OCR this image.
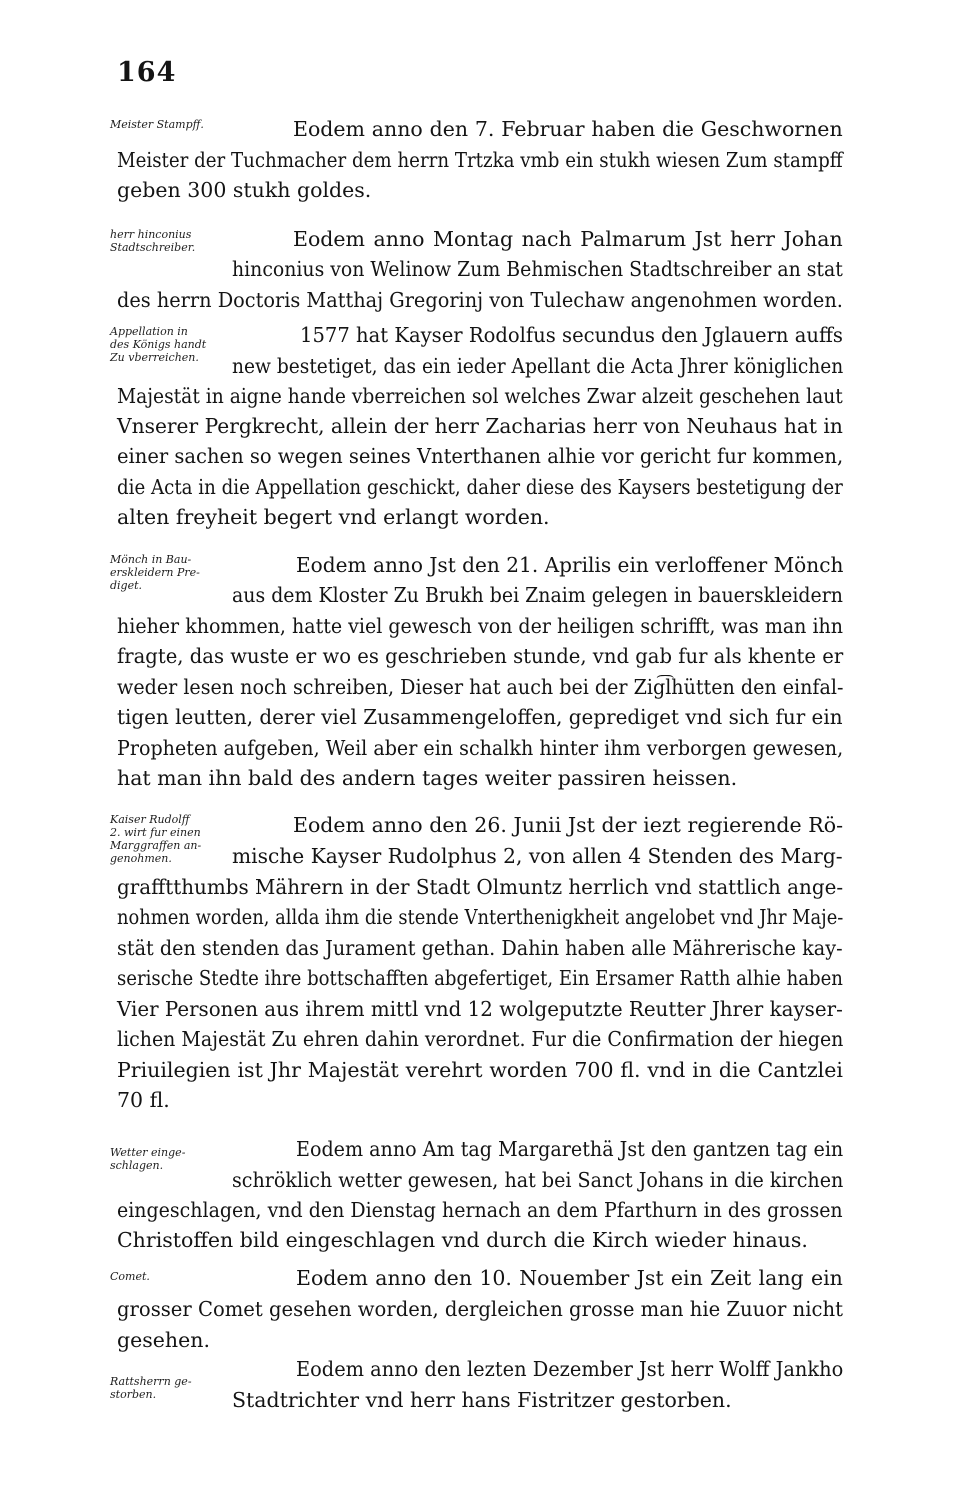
164
Meister Stampff.	Eodem anno den 7. Februar haben die Geschwornen
Meister der Tuchmacher dem herrn Trtzka vmb ein stukh wiesen Zum stampff
geben 300 stukh goldes.
herr hinconius
Stadtschreiber.	Eodem anno Montag nach Palmarum Jst herr Johan
hinconius von Welinow Zum Behmischen Stadtschreiber an stat
des herrn Doctoris Matthaj Gregorinj von Tulechaw angenohmen worden.
Appellation in
des Königs handt
Zu vberreichen.
1577 hat Kayser Rodolfus secundus den Jglauern auffs
new bestetiget, das ein ieder Apellant die Acta Jhrer königlichen
Majestät in aigne hande vberreichen sol welches Zwar alzeit geschehen laut
Vnserer Pergkrecht, allein der herr Zacharias herr von Neuhaus hat in
einer sachen so wegen seines Vnterthanen alhie vor gericht fur kommen,
die Acta in die Appellation geschickt, daher diese des Kaysers bestetigung der
alten freyheit begert vnd erlangt worden.
Mönch in Bau-
ersklеidern Pre-
diget.
Eodem anno Jst den 21. Aprilis ein verloffener Mönch
aus dem Kloster Zu Brukh bei Znaim gelegen in bauersklеidern
hieher khommen, hatte viel gewesch von der heiligen schrifft, was man ihn
fragte, das wuste er wo es geschrieben stunde, vnd gab fur als khente er
weder lesen noch schreiben, Dieser hat auch bei der Zig͡lhütten den einfal-
tigen leutten, derer viel Zusammengeloffen, geprediget vnd sich fur ein
Prophеten aufgeben, Weil aber ein schalkh hinter ihm verborgen gewesen,
hat man ihn bald des andern tages weiter passiren heissen.
Kaiser Rudolff
2. wirt fur einen
Marggraffen an-
genohmen.
Eodem anno den 26. Junii Jst der iezt regierende Rö-
mische Kayser Rudolphus 2, von allen 4 Stenden des Marg-
grafftthumbs Mährern in der Stadt Olmuntz herrlich vnd stattlich ange-
nohmen worden, allda ihm die stende Vnterthenigkheit angelobet vnd Jhr Maje-
stät den stenden das Jurament gethan. Dahin haben alle Mährerische kay-
serische Stedte ihre bottschafften abgefertiget, Ein Ersamer Ratth alhie haben
Vier Personen aus ihrem mittl vnd 12 wolgeputzte Reutter Jhrer kayser-
lichen Majestät Zu ehren dahin verordnet. Fur die Confirmation der hiegen
Priuilegien ist Jhr Majestät verehrt worden 700 fl. vnd in die Cantzlei
70 fl.
Wetter einge-
schlagen.
Eodem anno Am tag Margarethä Jst den gantzen tag ein
schröklich wetter gewesen, hat bei Sanct Johans in die kirchen
eingeschlagen, vnd den Dienstag hernach an dem Pfarthurn in des grossen
Christoffen bild eingeschlagen vnd durch die Kirch wieder hinaus.
Comet.	Eodem anno den 10. Nouember Jst ein Zeit lang ein
grosser Comet gesehen worden, dergleichen grosse man hie Zuuor nicht
gesehen.
Rattsherrn ge-
storben.
Eodem anno den lezten Dezember Jst herr Wolff Jankho
Stadtrichter vnd herr hans Fistritzer gestorben.
